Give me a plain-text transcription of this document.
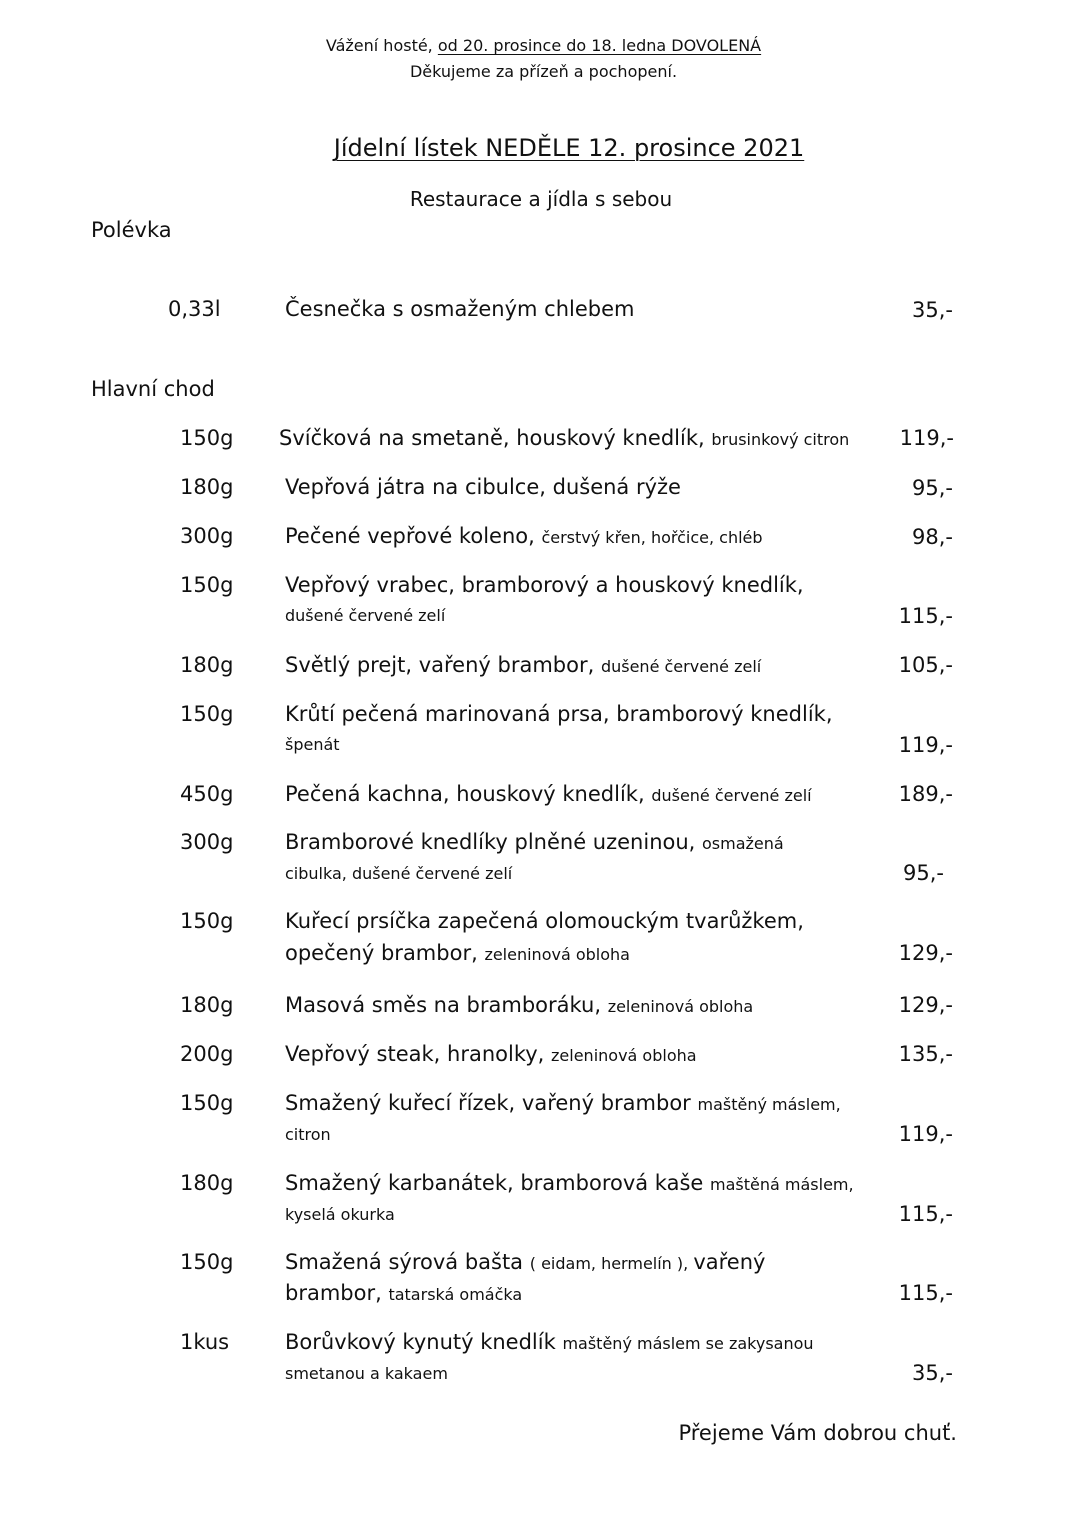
Vážení hosté, od 20. prosince do 18. ledna DOVOLENÁ
Děkujeme za přízeň a pochopení.
Jídelní lístek NEDĚLE 12. prosince 2021
Restaurace a jídla s sebou
Polévka
0,33l	Česnečka s osmaženým chlebem	35,-
Hlavní chod
150g Svíčková na smetaně, houskový knedlík, brusinkový citron 119,-
180g Vepřová játra na cibulce, dušená rýže	95,-
300g Pečené vepřové koleno, čerstvý křen, hořčice, chléb	98,-
150g Vepřový vrabec, bramborový a houskový knedlík,
dušené červené zelí	115,-
180g Světlý prejt, vařený brambor, dušené červené zelí	105,-
150g Krůtí pečená marinovaná prsa, bramborový knedlík,
špenát	119,-
450g Pečená kachna, houskový knedlík, dušené červené zelí	189,-
300g Bramborové knedlíky plněné uzeninou, osmažená
cibulka, dušené červené zelí	95,-
150g Kuřecí prsíčka zapečená olomouckým tvarůžkem,
opečený brambor, zeleninová obloha	129,-
180g Masová směs na bramboráku, zeleninová obloha	129,-
200g Vepřový steak, hranolky, zeleninová obloha	135,-
150g Smažený kuřecí řízek, vařený brambor maštěný máslem,
citron	119,-
180g Smažený karbanátek, bramborová kaše maštěná máslem,
kyselá okurka	115,-
150g Smažená sýrová bašta ( eidam, hermelín ), vařený
brambor, tatarská omáčka	115,-
1kus	Borůvkový kynutý knedlík maštěný máslem se zakysanou
smetanou a kakaem	35,-
Přejeme Vám dobrou chuť.
